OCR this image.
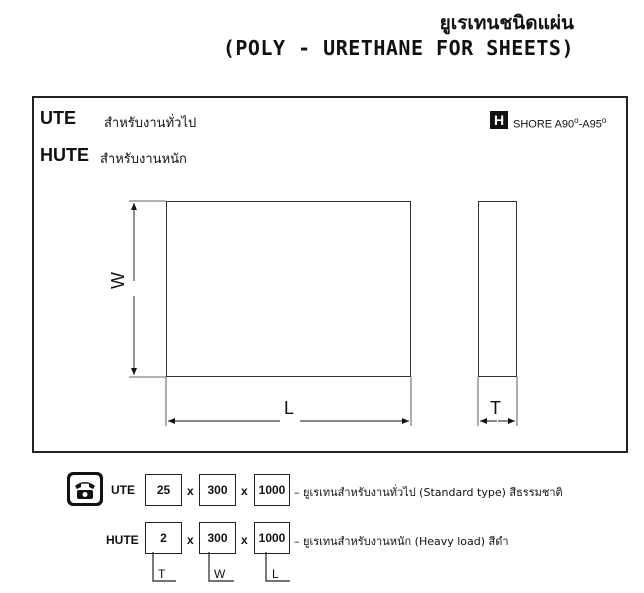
ยูเรเทนชนิดแผ่น
(POLY - URETHANE FOR SHEETS)
UTE สำหรับงานทั่วไป
HUTE สำหรับงานหนัก
H SHORE A90$^o$-A95$^o$
W
L	T
UTE	25	x	300	x 1000 – ยูเรเทนสำหรับงานทั่วไป (Standard type) สีธรรมชาติ
HUTE	2	x	300	x 1000 – ยูเรเทนสำหรับงานหนัก (Heavy load) สีดำ
T	W	L
